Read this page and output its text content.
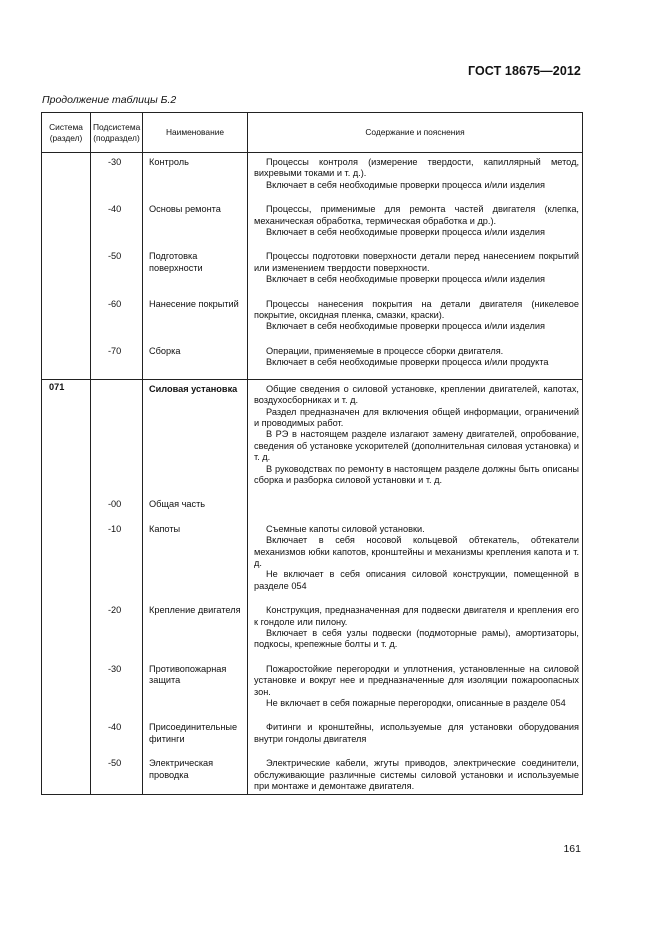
ГОСТ 18675—2012
Продолжение таблицы Б.2
Система (раздел)	Подсистема (подраздел)	Наименование	Содержание и пояснения
	-30	Контроль	Процессы контроля (измерение твердости, капиллярный метод, вихревыми токами и т. д.).
Включает в себя необходимые проверки процесса и/или изделия

	-40	Основы ремонта	Процессы, применимые для ремонта частей двигателя (клепка, механическая обработка, термическая обработка и др.).
Включает в себя необходимые проверки процесса и/или изделия

	-50	Подготовка поверхности	Процессы подготовки поверхности детали перед нанесением покрытий или изменением твердости поверхности.
Включает в себя необходимые проверки процесса и/или изделия

	-60	Нанесение покрытий	Процессы нанесения покрытия на детали двигателя (никелевое покрытие, оксидная пленка, смазки, краски).
Включает в себя необходимые проверки процесса и/или изделия

	-70	Сборка	Операции, применяемые в процессе сборки двигателя.
Включает в себя необходимые проверки процесса и/или продукта

071		Силовая установка	Общие сведения о силовой установке, креплении двигателей, капотах, воздухосборниках и т. д.
Раздел предназначен для включения общей информации, ограничений и проводимых работ.
В РЭ в настоящем разделе излагают замену двигателей, опробование, сведения об установке ускорителей (дополнительная силовая установка) и т. д.
В руководствах по ремонту в настоящем разделе должны быть описаны сборка и разборка силовой установки и т. д.

	-00	Общая часть	

	-10	Капоты	Съемные капоты силовой установки.
Включает в себя носовой кольцевой обтекатель, обтекатели механизмов юбки капотов, кронштейны и механизмы крепления капота и т. д.
Не включает в себя описания силовой конструкции, помещенной в разделе 054

	-20	Крепление двигателя	Конструкция, предназначенная для подвески двигателя и крепления его к гондоле или пилону.
Включает в себя узлы подвески (подмоторные рамы), амортизаторы, подкосы, крепежные болты и т. д.

	-30	Противопожарная защита	Пожаростойкие перегородки и уплотнения, установленные на силовой установке и вокруг нее и предназначенные для изоляции пожароопасных зон.
Не включает в себя пожарные перегородки, описанные в разделе 054

	-40	Присоединительные фитинги	Фитинги и кронштейны, используемые для установки оборудования внутри гондолы двигателя

	-50	Электрическая проводка	Электрические кабели, жгуты приводов, электрические соединители, обслуживающие различные системы силовой установки и используемые при монтаже и демонтаже двигателя.
161
